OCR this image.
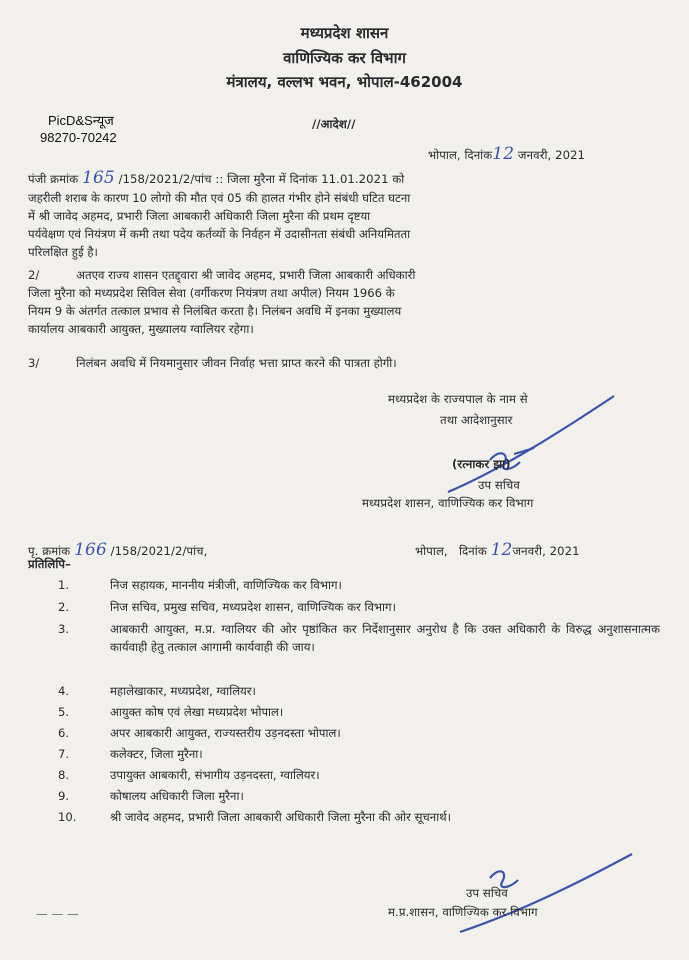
मध्यप्रदेश शासन
वाणिज्यिक कर विभाग
मंत्रालय, वल्लभ भवन, भोपाल-462004
PicD&Sन्यूज
98270-70242
//आदेश//
भोपाल, दिनांक12 जनवरी, 2021
पंजी क्रमांक 165 /158/2021/2/पांच :: जिला मुरैना में दिनांक 11.01.2021 को
जहरीली शराब के कारण 10 लोगो की मौत एवं 05 की हालत गंभीर होने संबंधी घटित घटना
में श्री जावेद अहमद, प्रभारी जिला आबकारी अधिकारी जिला मुरैना की प्रथम दृष्टया
पर्यवेक्षण एवं नियंत्रण में कमी तथा पदेय कर्तव्यों के निर्वहन में उदासीनता संबंधी अनियमितता
परिलक्षित हुई है।
2/          अतएव राज्य शासन एतद्द्वारा श्री जावेद अहमद, प्रभारी जिला आबकारी अधिकारी
जिला मुरैना को मध्यप्रदेश सिविल सेवा (वर्गीकरण नियंत्रण तथा अपील) नियम 1966 के
नियम 9 के अंतर्गत तत्काल प्रभाव से निलंबित करता है। निलंबन अवधि में इनका मुख्यालय
कार्यालय आबकारी आयुक्त, मुख्यालय ग्वालियर रहेगा।
3/          निलंबन अवधि में नियमानुसार जीवन निर्वाह भत्ता प्राप्त करने की पात्रता होगी।
मध्यप्रदेश के राज्यपाल के नाम से
तथा आदेशानुसार
(रत्नाकर झा)
उप सचिव
मध्यप्रदेश शासन, वाणिज्यिक कर विभाग
पृ. क्रमांक 166 /158/2021/2/पांच,	भोपाल,   दिनांक 12जनवरी, 2021
प्रतिलिपि–
1.	निज सहायक, माननीय मंत्रीजी, वाणिज्यिक कर विभाग।
2.	निज सचिव, प्रमुख सचिव, मध्यप्रदेश शासन, वाणिज्यिक कर विभाग।
3.	आबकारी आयुक्त, म.प्र. ग्वालियर की ओर पृष्ठांकित कर निर्देशानुसार अनुरोध है कि उक्त अधिकारी के विरुद्ध अनुशासनात्मक कार्यवाही हेतु तत्काल आगामी कार्यवाही की जाय।
4.	महालेखाकार, मध्यप्रदेश, ग्वालियर।
5.	आयुक्त कोष एवं लेखा मध्यप्रदेश भोपाल।
6.	अपर आबकारी आयुक्त, राज्यस्तरीय उड़नदस्ता भोपाल।
7.	कलेक्टर, जिला मुरैना।
8.	उपायुक्त आबकारी, संभागीय उड़नदस्ता, ग्वालियर।
9.	कोषालय अधिकारी जिला मुरैना।
10.	श्री जावेद अहमद, प्रभारी जिला आबकारी अधिकारी जिला मुरैना की ओर सूचनार्थ।
उप सचिव
म.प्र.शासन, वाणिज्यिक कर विभाग
— — —
